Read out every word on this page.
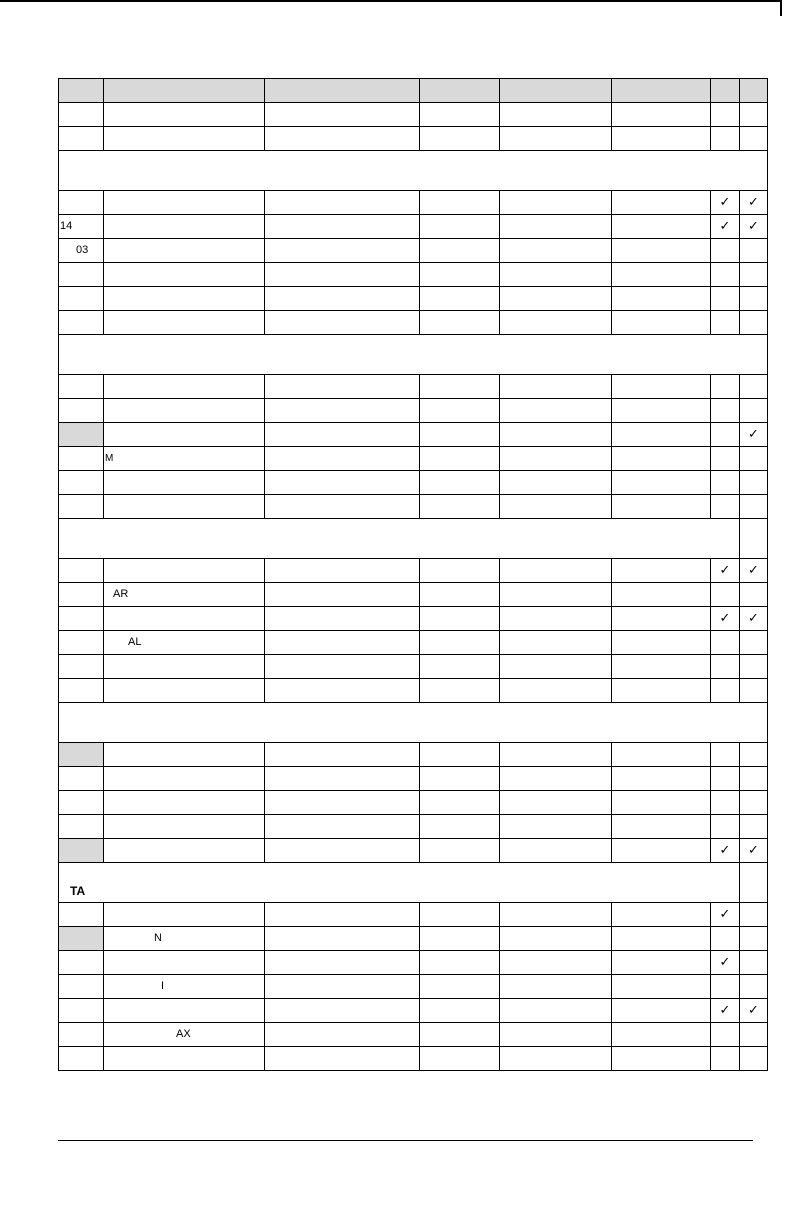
						✓	✓

14						✓	✓

03							

							✓

	M						

						✓	✓

	AR						

						✓	✓

	AL						

						✓	✓

TA							

						✓	

	N						

						✓	

	I						

						✓	✓

	AX						
